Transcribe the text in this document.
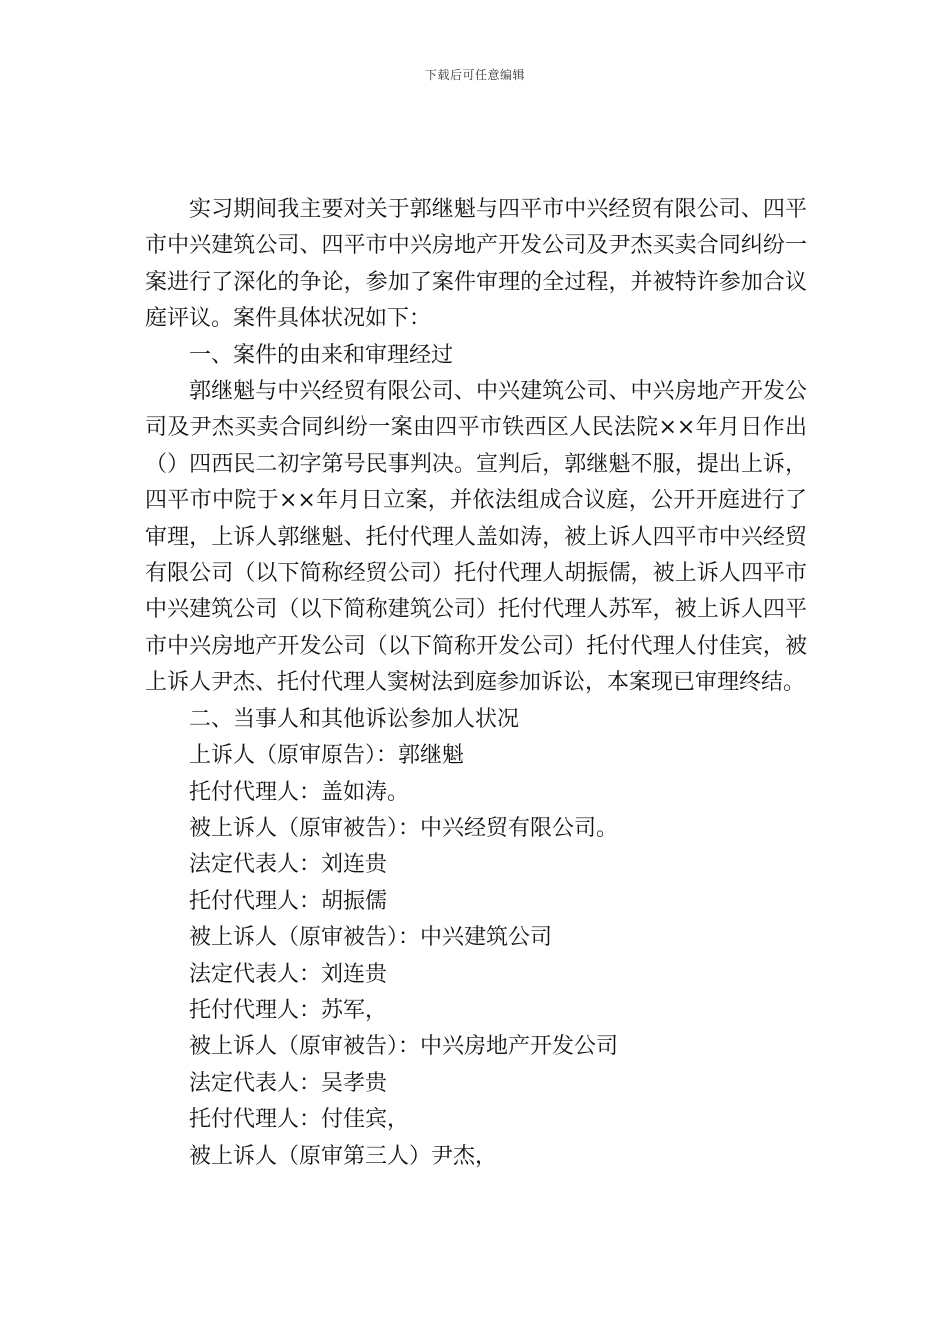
下载后可任意编辑

实习期间我主要对关于郭继魁与四平市中兴经贸有限公司、四平市中兴建筑公司、四平市中兴房地产开发公司及尹杰买卖合同纠纷一案进行了深化的争论，参加了案件审理的全过程，并被特许参加合议庭评议。案件具体状况如下：

一、案件的由来和审理经过

郭继魁与中兴经贸有限公司、中兴建筑公司、中兴房地产开发公司及尹杰买卖合同纠纷一案由四平市铁西区人民法院××年月日作出（）四西民二初字第号民事判决。宣判后，郭继魁不服，提出上诉，四平市中院于××年月日立案，并依法组成合议庭，公开开庭进行了审理，上诉人郭继魁、托付代理人盖如涛，被上诉人四平市中兴经贸有限公司（以下简称经贸公司）托付代理人胡振儒，被上诉人四平市中兴建筑公司（以下简称建筑公司）托付代理人苏军，被上诉人四平市中兴房地产开发公司（以下简称开发公司）托付代理人付佳宾，被上诉人尹杰、托付代理人窦树法到庭参加诉讼，本案现已审理终结。

二、当事人和其他诉讼参加人状况

上诉人（原审原告）：郭继魁

托付代理人：盖如涛。

被上诉人（原审被告）：中兴经贸有限公司。

法定代表人：刘连贵

托付代理人：胡振儒

被上诉人（原审被告）：中兴建筑公司

法定代表人：刘连贵

托付代理人：苏军，

被上诉人（原审被告）：中兴房地产开发公司

法定代表人：吴孝贵

托付代理人：付佳宾，

被上诉人（原审第三人）尹杰，
